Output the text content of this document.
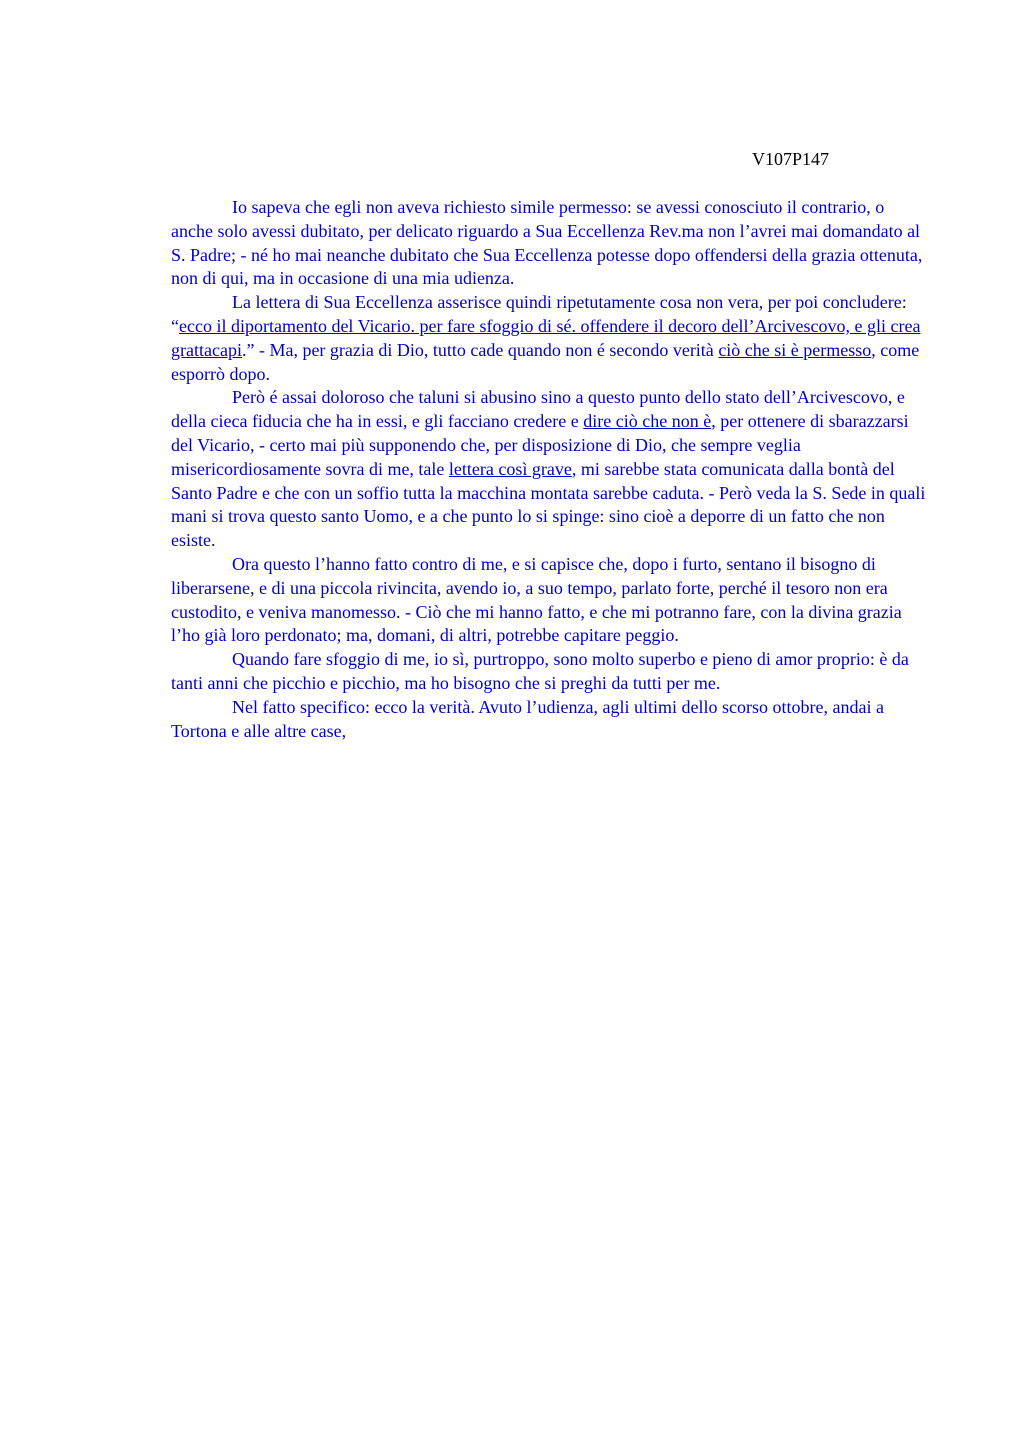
V107P147

Io sapeva che egli non aveva richiesto simile permesso: se avessi conosciuto il contrario, o anche solo avessi dubitato, per delicato riguardo a Sua Eccellenza Rev.ma non l’avrei mai domandato al S. Padre; - né ho mai neanche dubitato che Sua Eccellenza potesse dopo offendersi della grazia ottenuta, non di qui, ma in occasione di una mia udienza.

La lettera di Sua Eccellenza asserisce quindi ripetutamente cosa non vera, per poi concludere: “ecco il diportamento del Vicario. per fare sfoggio di sé. offendere il decoro dell’Arcivescovo, e gli crea grattacapi.” - Ma, per grazia di Dio, tutto cade quando non é secondo verità ciò che si è permesso, come esporrò dopo.

Però é assai doloroso che taluni si abusino sino a questo punto dello stato dell’Arcivescovo, e della cieca fiducia che ha in essi, e gli facciano credere e dire ciò che non è, per ottenere di sbarazzarsi del Vicario, - certo mai più supponendo che, per disposizione di Dio, che sempre veglia misericordiosamente sovra di me, tale lettera così grave, mi sarebbe stata comunicata dalla bontà del Santo Padre e che con un soffio tutta la macchina montata sarebbe caduta. - Però veda la S. Sede in quali mani si trova questo santo Uomo, e a che punto lo si spinge: sino cioè a deporre di un fatto che non esiste.

Ora questo l’hanno fatto contro di me, e si capisce che, dopo i furto, sentano il bisogno di liberarsene, e di una piccola rivincita, avendo io, a suo tempo, parlato forte, perché il tesoro non era custodito, e veniva manomesso. - Ciò che mi hanno fatto, e che mi potranno fare, con la divina grazia l’ho già loro perdonato; ma, domani, di altri, potrebbe capitare peggio.

Quando fare sfoggio di me, io sì, purtroppo, sono molto superbo e pieno di amor proprio: è da tanti anni che picchio e picchio, ma ho bisogno che si preghi da tutti per me.

Nel fatto specifico: ecco la verità. Avuto l’udienza, agli ultimi dello scorso ottobre, andai a Tortona e alle altre case,
